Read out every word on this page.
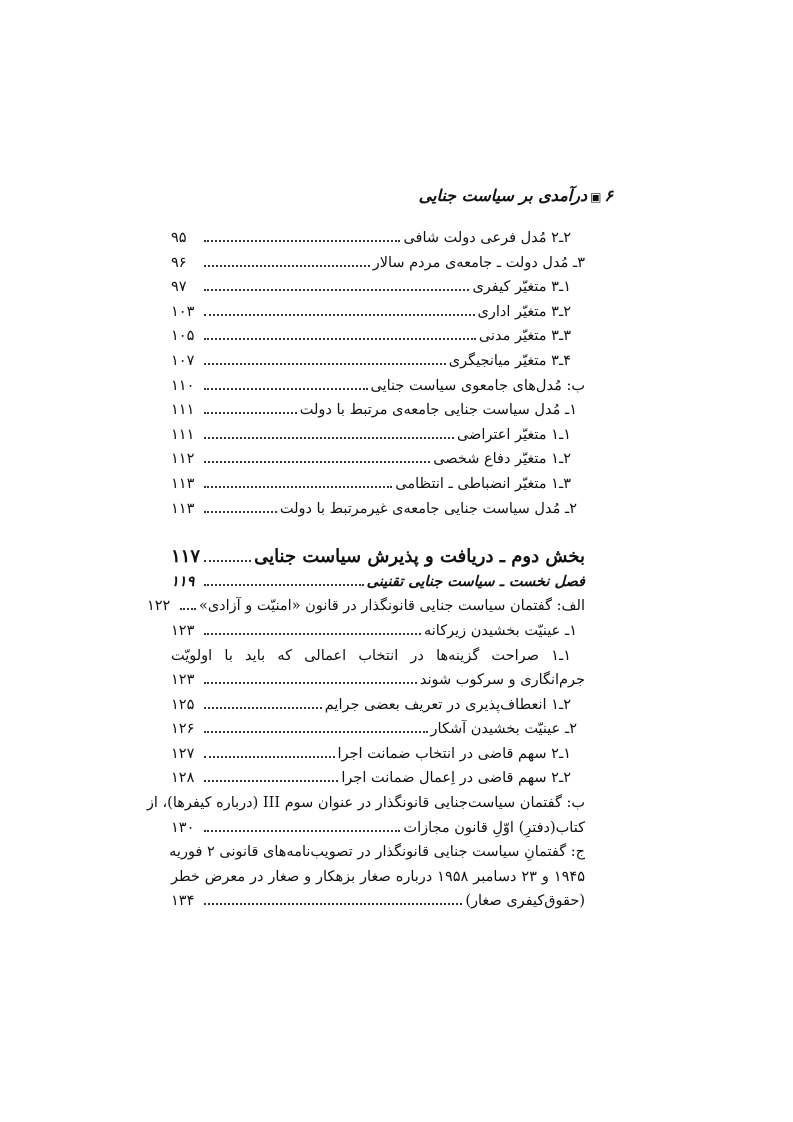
۶▣درآمدی بر سیاست جنایی
۲ـ۲ مُدل فرعی دولت شافی
۹۵
۳ـ مُدل دولت ـ جامعه‌ی مردم سالار
۹۶
۱ـ۳ متغیّر کیفری
۹۷
۲ـ۳ متغیّر اداری
۱۰۳
۳ـ۳ متغیّر مدنی
۱۰۵
۴ـ۳ متغیّر میانجیگری
۱۰۷
ب: مُدل‌های جامعوی سیاست جنایی
۱۱۰
۱ـ مُدل سیاست جنایی جامعه‌ی مرتبط با دولت
۱۱۱
۱ـ۱ متغیّر اعتراضی
۱۱۱
۲ـ۱ متغیّر دفاع شخصی
۱۱۲
۳ـ۱ متغیّر انضباطی ـ انتظامی
۱۱۳
۲ـ مُدل سیاست جنایی جامعه‌ی غیرمرتبط با دولت
۱۱۳
بخش دوم ـ دریافت و پذیرش سیاست جنایی
۱۱۷
فصل نخست ـ سیاست جنایی تقنینی
۱۱۹
الف: گفتمان سیاست جنایی قانونگذار در قانون «امنیّت و آزادی»
۱۲۲
۱ـ عینیّت بخشیدن زیرکانه
۱۲۳
۱ـ۱ صراحت گزینه‌ها در انتخاب اعمالی که باید با اولویّت
جرم‌انگاری و سرکوب شوند
۱۲۳
۲ـ۱ انعطاف‌پذیری در تعریف بعضی جرایم
۱۲۵
۲ـ عینیّت بخشیدن آشکار
۱۲۶
۱ـ۲ سهم قاضی در انتخاب ضمانت اجرا
۱۲۷
۲ـ۲ سهم قاضی در اِعمال ضمانت اجرا
۱۲۸
ب: گفتمان سیاست‌جنایی قانونگذار در عنوان سوم III (درباره کیفرها)، از
کتاب(دفترِ) اوّلِ قانون مجازات
۱۳۰
ج: گفتمانِ سیاست جنایی قانونگذار در تصویب‌نامه‌های قانونی ۲ فوریه
۱۹۴۵ و ۲۳ دسامبر ۱۹۵۸ درباره صغار بزهکار و صغار در معرض خطر
(حقوق‌کیفری صغار)
۱۳۴
